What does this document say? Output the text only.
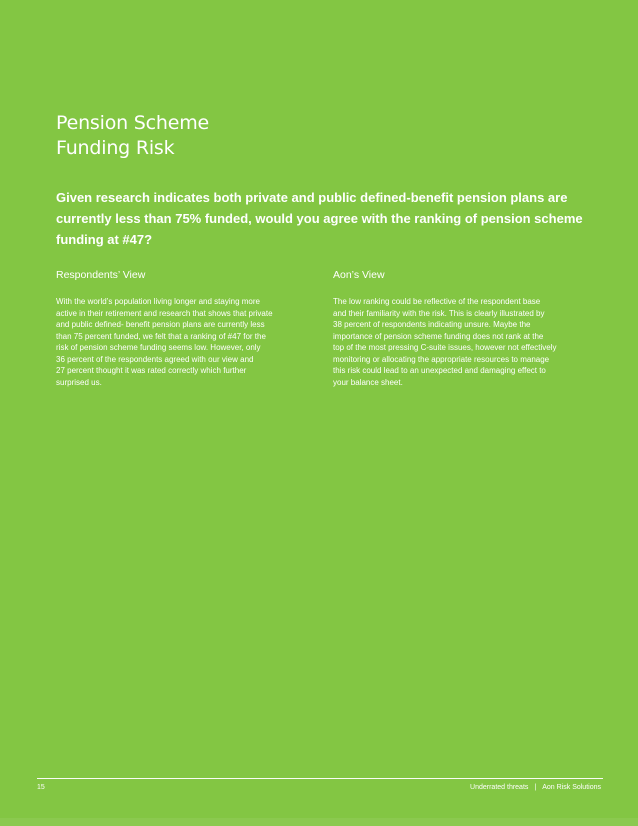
Pension Scheme
Funding Risk
Given research indicates both private and public defined-benefit pension plans are
currently less than 75% funded, would you agree with the ranking of pension scheme
funding at #47?
Respondents’ View
With the world’s population living longer and staying more
active in their retirement and research that shows that private
and public defined- benefit pension plans are currently less
than 75 percent funded, we felt that a ranking of #47 for the
risk of pension scheme funding seems low. However, only
36 percent of the respondents agreed with our view and
27 percent thought it was rated correctly which further
surprised us.
Aon’s View
The low ranking could be reflective of the respondent base
and their familiarity with the risk. This is clearly illustrated by
38 percent of respondents indicating unsure. Maybe the
importance of pension scheme funding does not rank at the
top of the most pressing C-suite issues, however not effectively
monitoring or allocating the appropriate resources to manage
this risk could lead to an unexpected and damaging effect to
your balance sheet.
15	Underrated threats | Aon Risk Solutions
